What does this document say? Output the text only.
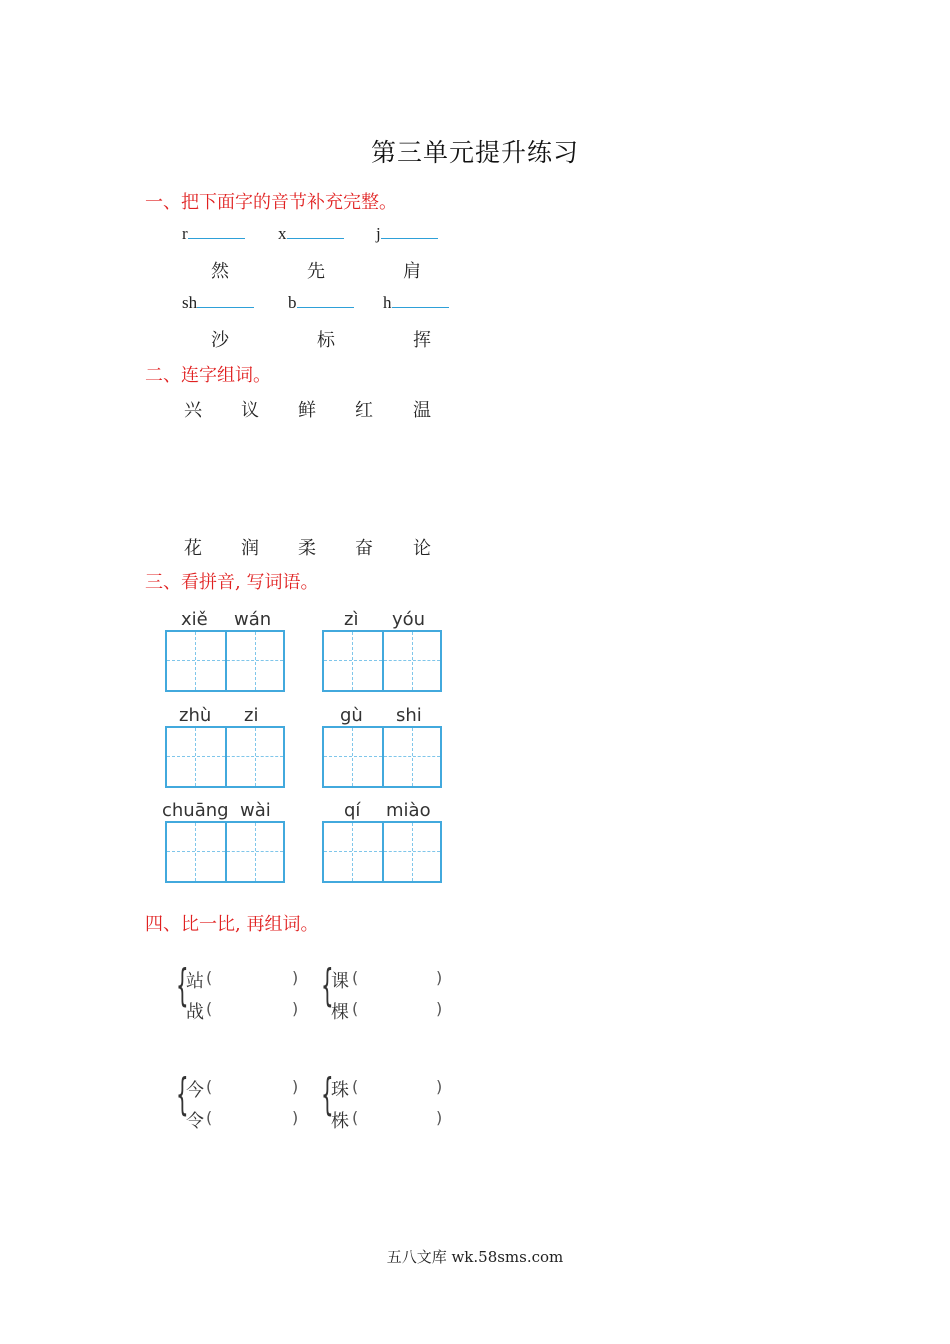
第三单元提升练习
一、把下面字的音节补充完整。
r	x	j
然	先	肩
sh	b	h
沙	标	挥
二、连字组词。
兴 议 鲜 红 温
花 润 柔 奋 论
三、看拼音, 写词语。
xiě wán	zì yóu
zhù zi	gù shi
chuāng wài	qí miào
四、比一比, 再组词。
{
站 (	)
战 (	) {
课 (	)
棵 (	)
{
今 (	)
令 (	) {
珠 (	)
株 (	)
五八文库 wk.58sms.com
